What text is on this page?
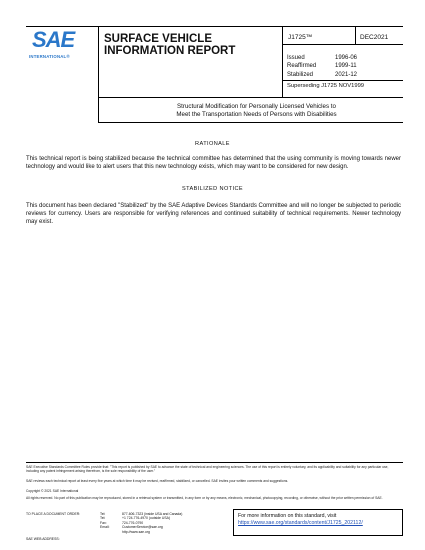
SAE
INTERNATIONAL®
SURFACE VEHICLE
INFORMATION REPORT
J1725™	DEC2021
Issued	1996-06
Reaffirmed	1999-11
Stabilized	2021-12
Superseding J1725 NOV1999
Structural Modification for Personally Licensed Vehicles to
Meet the Transportation Needs of Persons with Disabilities
RATIONALE
This technical report is being stabilized because the technical committee has determined that the using community is moving towards newer technology and would like to alert users that this new technology exists, which may want to be considered for new design.
STABILIZED NOTICE
This document has been declared "Stabilized" by the SAE Adaptive Devices Standards Committee and will no longer be subjected to periodic reviews for currency. Users are responsible for verifying references and continued suitability of technical requirements. Newer technology may exist.
SAE Executive Standards Committee Rules provide that: "This report is published by SAE to advance the state of technical and engineering sciences. The use of this report is entirely voluntary, and its applicability and suitability for any particular use, including any patent infringement arising therefrom, is the sole responsibility of the user."
SAE reviews each technical report at least every five years at which time it may be revised, reaffirmed, stabilized, or cancelled. SAE invites your written comments and suggestions.
Copyright © 2021 SAE International
All rights reserved. No part of this publication may be reproduced, stored in a retrieval system or transmitted, in any form or by any means, electronic, mechanical, photocopying, recording, or otherwise, without the prior written permission of SAE.
TO PLACE A DOCUMENT ORDER:	Tel:	877-606-7323 (inside USA and Canada)
Tel:	+1 724-776-4970 (outside USA)
Fax:	724-776-0790
Email:	CustomerService@sae.org
http://www.sae.org
SAE WEB ADDRESS:
For more information on this standard, visit
https://www.sae.org/standards/content/J1725_202112/
